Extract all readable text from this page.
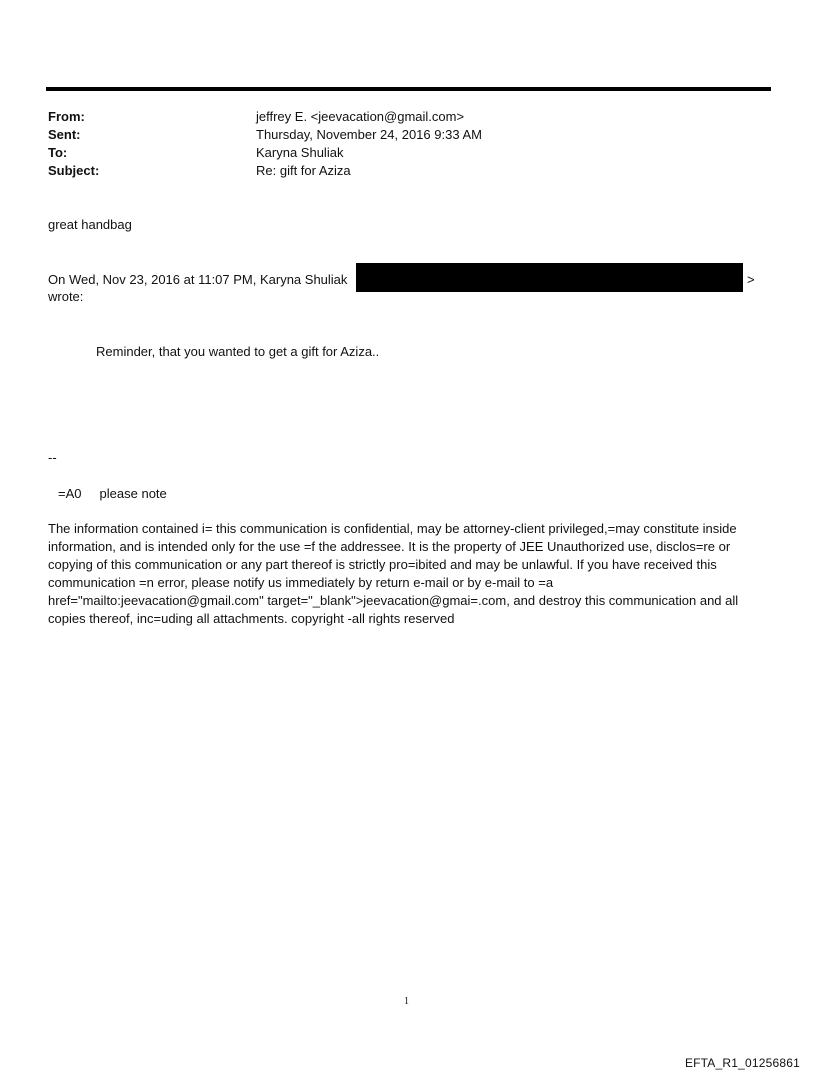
From:	jeffrey E. <jeevacation@gmail.com>
Sent:	Thursday, November 24, 2016 9:33 AM
To:	Karyna Shuliak
Subject:	Re: gift for Aziza
great handbag
On Wed, Nov 23, 2016 at 11:07 PM, Karyna Shuliak	>
wrote:
Reminder, that you wanted to get a gift for Aziza..
--
=A0     please note
The information contained i= this communication is confidential, may be attorney-client privileged,=may constitute inside information, and is intended only for the use =f the addressee. It is the property of JEE Unauthorized use, disclos=re or copying of this communication or any part thereof is strictly pro=ibited and may be unlawful. If you have received this communication =n error, please notify us immediately by return e-mail or by e-mail to =a href="mailto:jeevacation@gmail.com" target="_blank">jeevacation@gmai=.com, and destroy this communication and all copies thereof, inc=uding all attachments. copyright -all rights reserved
1
EFTA_R1_01256861
